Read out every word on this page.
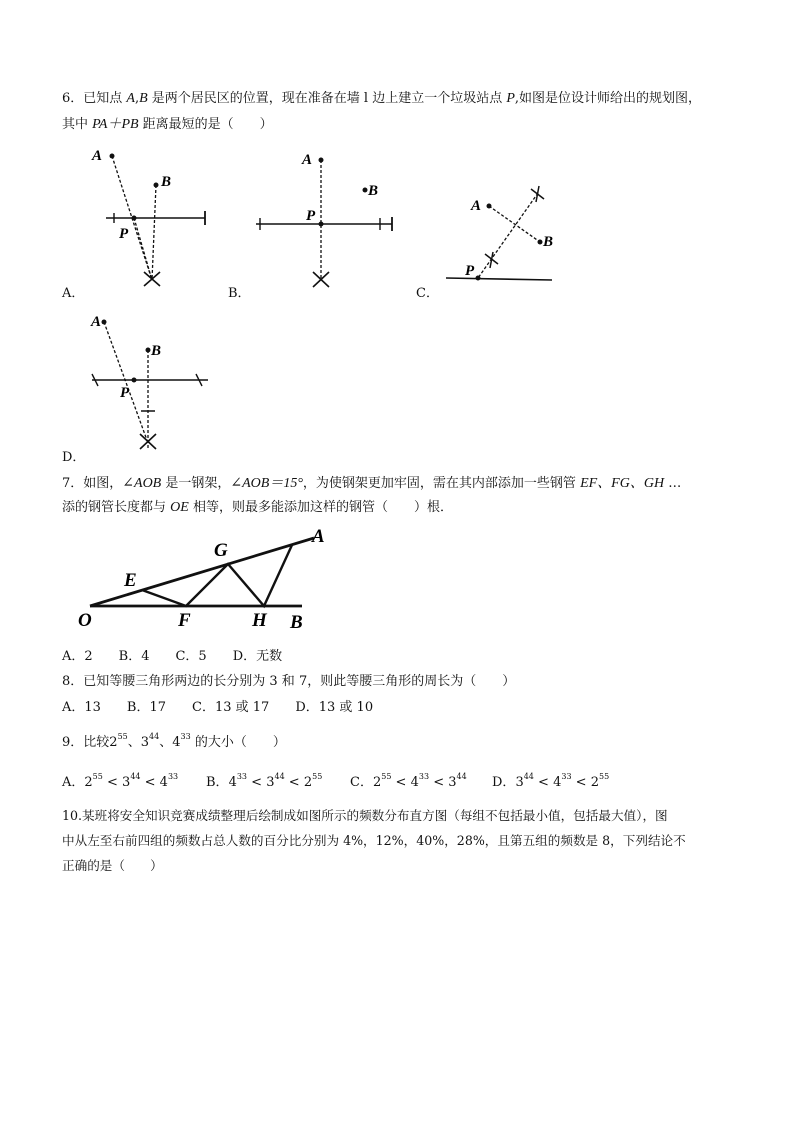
6．已知点 A,B 是两个居民区的位置，现在准备在墙 l 边上建立一个垃圾站点 P,如图是位设计师给出的规划图，
其中 PA＋PB 距离最短的是（　　）
A
B
P
A．
A
B
P
B．
A
B
P
C．
A
B
P
D．
7．如图，∠AOB 是一钢架，∠AOB＝15°，为使钢架更加牢固，需在其内部添加一些钢管 EF、FG、GH …
添的钢管长度都与 OE 相等，则最多能添加这样的钢管（　　）根．
O
E
F
G
H
A
B
A．2　　B．4　　C．5　　D．无数
8．已知等腰三角形两边的长分别为 3 和 7，则此等腰三角形的周长为（　　）
A．13　　B．17　　C．13 或 17　　D．13 或 10
9．比较$2^{55}$、$3^{44}$、$4^{33}$ 的大小（　　）
A．$2^{55} < 3^{44} < 4^{33}$ B．$4^{33} < 3^{44} < 2^{55}$ C．$2^{55} < 4^{33} < 3^{44}$ D．$3^{44} < 4^{33} < 2^{55}$
10.某班将安全知识竞赛成绩整理后绘制成如图所示的频数分布直方图（每组不包括最小值，包括最大值），图
中从左至右前四组的频数占总人数的百分比分别为 4%，12%，40%，28%，且第五组的频数是 8，下列结论不
正确的是（　　）
